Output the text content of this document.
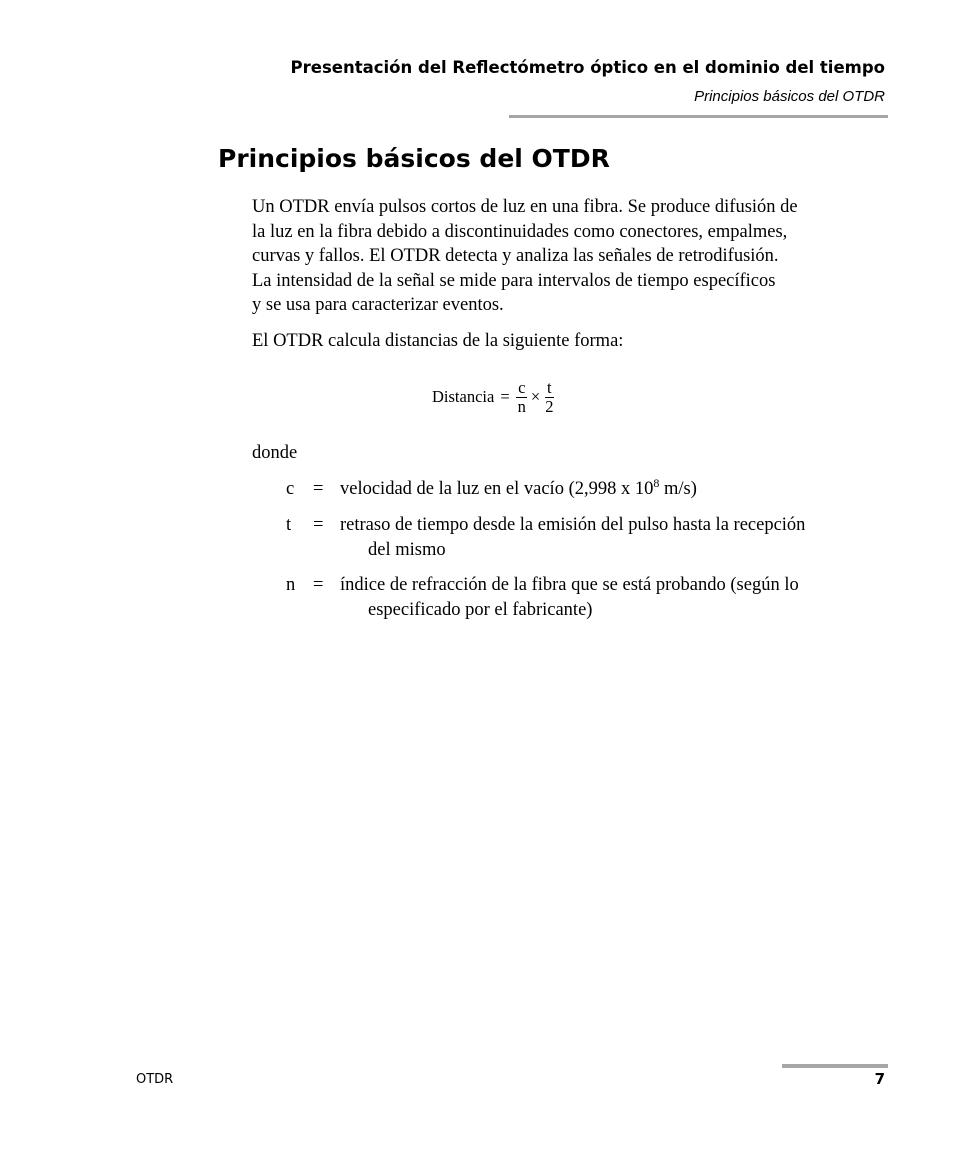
Presentación del Reflectómetro óptico en el dominio del tiempo
Principios básicos del OTDR
Principios básicos del OTDR

Un OTDR envía pulsos cortos de luz en una fibra. Se produce difusión de
la luz en la fibra debido a discontinuidades como conectores, empalmes,
curvas y fallos. El OTDR detecta y analiza las señales de retrodifusión.
La intensidad de la señal se mide para intervalos de tiempo específicos
y se usa para caracterizar eventos.

El OTDR calcula distancias de la siguiente forma:

Distancia = $\frac{c}{n} \times \frac{t}{2}$

donde

c = velocidad de la luz en el vacío (2,998 x $10^8$ m/s)
t = retraso de tiempo desde la emisión del pulso hasta la recepción
del mismo
n = índice de refracción de la fibra que se está probando (según lo
especificado por el fabricante)
OTDR	7
